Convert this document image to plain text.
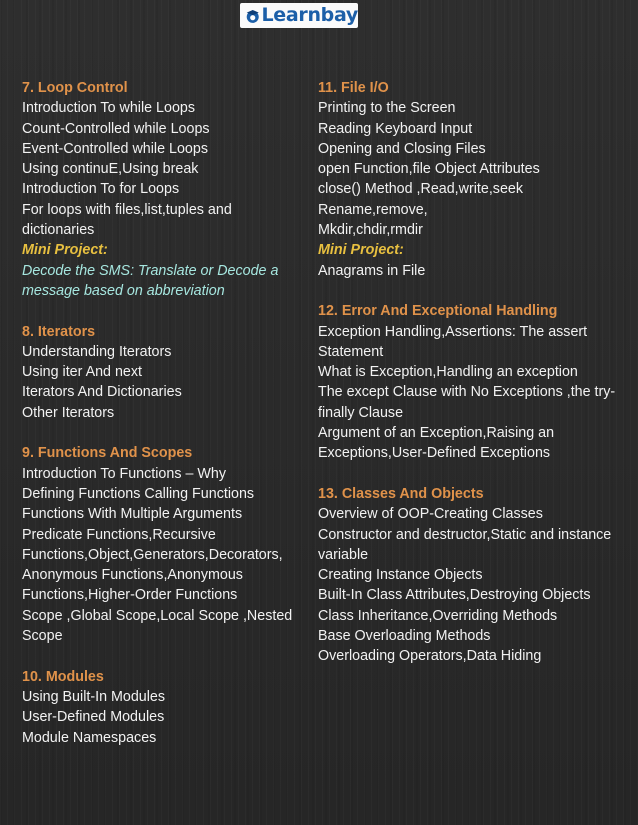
Learnbay
7. Loop Control
Introduction To while Loops
Count-Controlled while Loops
Event-Controlled while Loops
Using continuE,Using break
Introduction To for Loops
For loops with files,list,tuples and dictionaries
Mini Project:
Decode the SMS: Translate or Decode a message based on abbreviation
8. Iterators
Understanding Iterators
Using iter And next
Iterators And Dictionaries
Other Iterators
9. Functions And Scopes
Introduction To Functions – Why
Defining Functions Calling Functions
Functions With Multiple Arguments
Predicate Functions,Recursive Functions,Object,Generators,Decorators, Anonymous Functions,Anonymous Functions,Higher-Order Functions
Scope ,Global Scope,Local Scope ,Nested Scope
10. Modules
Using Built-In Modules
User-Defined Modules
Module Namespaces
11. File I/O
Printing to the Screen
Reading Keyboard Input
Opening and Closing Files
open Function,file Object Attributes
close() Method ,Read,write,seek
Rename,remove,
Mkdir,chdir,rmdir
Mini Project:
Anagrams in File
12. Error And Exceptional Handling
Exception Handling,Assertions: The assert Statement
What is Exception,Handling an exception
The except Clause with No Exceptions ,the try-finally Clause
Argument of an Exception,Raising an Exceptions,User-Defined Exceptions
13. Classes And Objects
Overview of OOP-Creating Classes
Constructor and destructor,Static and instance variable
Creating Instance Objects
Built-In Class Attributes,Destroying Objects
Class Inheritance,Overriding Methods
Base Overloading Methods
Overloading Operators,Data Hiding
